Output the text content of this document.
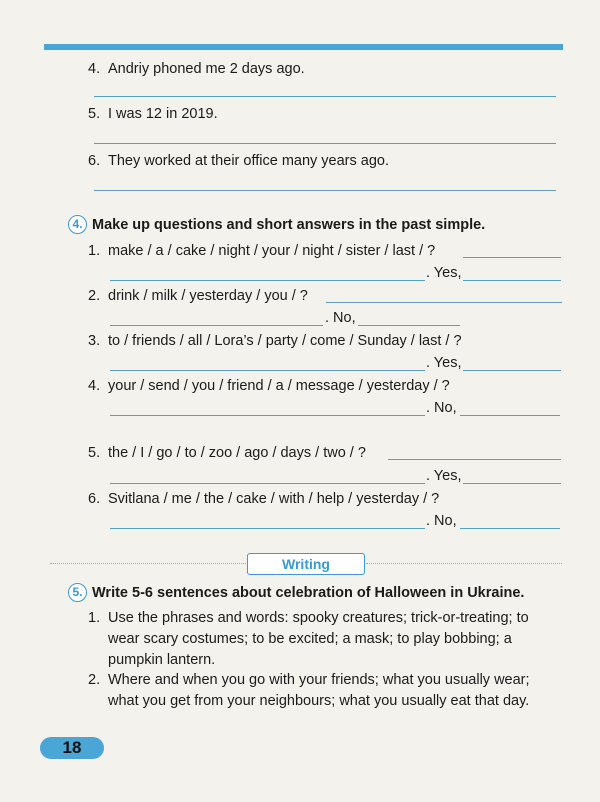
4. Andriy phoned me 2 days ago.
5. I was 12 in 2019.
6. They worked at their office many years ago.
4. Make up questions and short answers in the past simple.
1. make / a / cake / night / your / night / sister / last / ?
. Yes,
2. drink / milk / yesterday / you / ?
. No,
3. to / friends / all / Lora’s / party / come / Sunday / last / ?
. Yes,
4. your / send / you / friend / a / message / yesterday / ?
. No,
5. the / I / go / to / zoo / ago / days / two / ?
. Yes,
6. Svitlana / me / the / cake / with / help / yesterday / ?
. No,
Writing
5. Write 5-6 sentences about celebration of Halloween in Ukraine.
1. Use the phrases and words: spooky creatures; trick-or-treating; to wear scary costumes; to be excited; a mask; to play bobbing; a pumpkin lantern.
2. Where and when you go with your friends; what you usually wear; what you get from your neighbours; what you usually eat that day.
18
